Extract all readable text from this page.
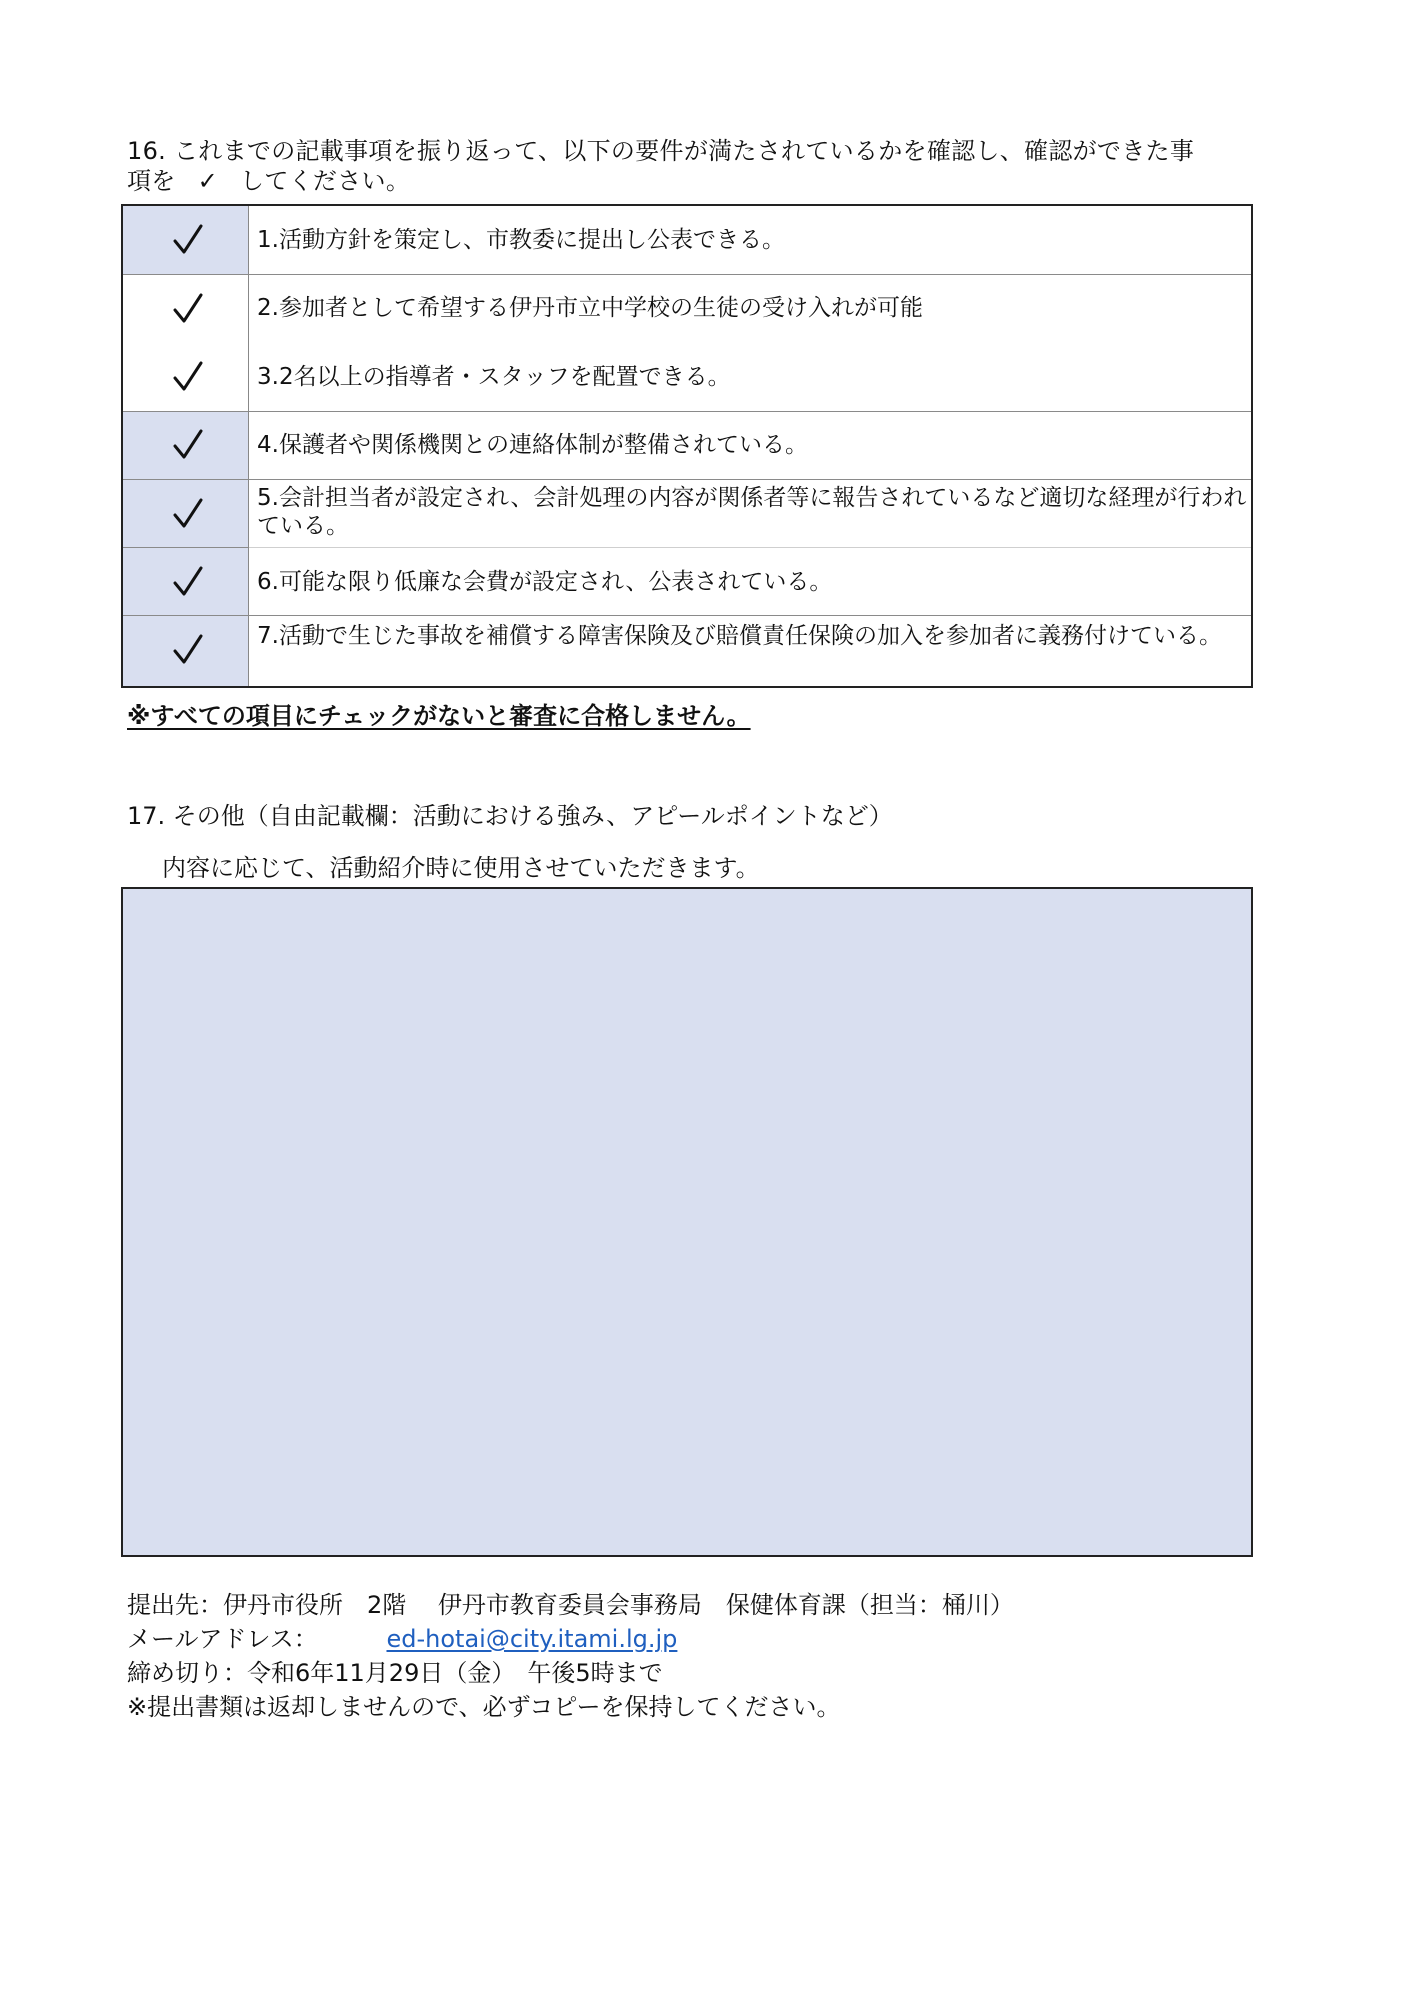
16. これまでの記載事項を振り返って、以下の要件が満たされているかを確認し、確認ができた事
項を ✓ してください。
1.活動方針を策定し、市教委に提出し公表できる。
2.参加者として希望する伊丹市立中学校の生徒の受け入れが可能
3.2名以上の指導者・スタッフを配置できる。
4.保護者や関係機関との連絡体制が整備されている。
5.会計担当者が設定され、会計処理の内容が関係者等に報告されているなど適切な経理が行われている。
6.可能な限り低廉な会費が設定され、公表されている。
7.活動で生じた事故を補償する障害保険及び賠償責任保険の加入を参加者に義務付けている。
※すべての項目にチェックがないと審査に合格しません。
17. その他（自由記載欄：活動における強み、アピールポイントなど）
内容に応じて、活動紹介時に使用させていただきます。
提出先：伊丹市役所　2階　 伊丹市教育委員会事務局　保健体育課（担当：桶川）
メールアドレス：	ed-hotai@city.itami.lg.jp
締め切り：令和6年11月29日（金）　午後5時まで
※提出書類は返却しませんので、必ずコピーを保持してください。
